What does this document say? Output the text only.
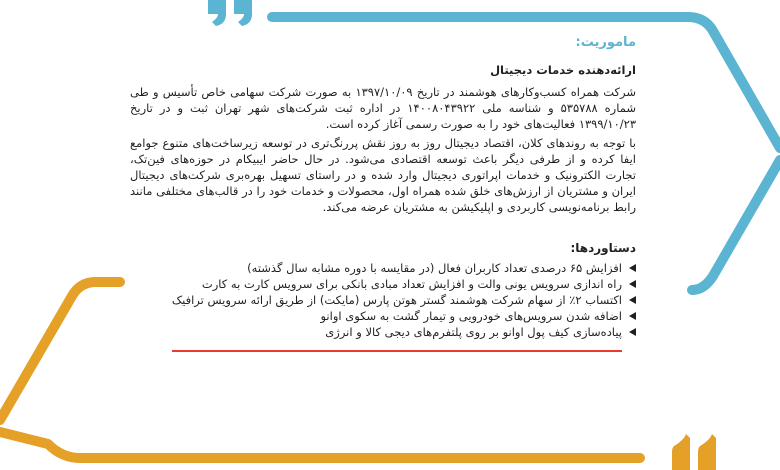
ماموریت:
ارائه‌دهنده خدمات دیجیتال

شرکت همراه کسب‌وکارهای هوشمند در تاریخ ۱۳۹۷/۱۰/۰۹ به صورت شرکت سهامی خاص تأسیس و طی شماره ۵۳۵۷۸۸ و شناسه ملی ۱۴۰۰۸۰۴۳۹۲۲ در اداره ثبت شرکت‌های شهر تهران ثبت و در تاریخ ۱۳۹۹/۱۰/۲۳ فعالیت‌های خود را به صورت رسمی آغاز کرده است.

با توجه به روندهای کلان، اقتصاد دیجیتال روز به روز نقش پررنگ‌تری در توسعه زیرساخت‌های متنوع جوامع ایفا کرده و از طرفی دیگر باعث توسعه اقتصادی می‌شود. در حال حاضر ایبیکام در حوزه‌های فین‌تک، تجارت الکترونیک و خدمات اپراتوری دیجیتال وارد شده و در راستای تسهیل بهره‌بری شرکت‌های دیجیتال ایران و مشتریان از ارزش‌های خلق شده همراه اول، محصولات و خدمات خود را در قالب‌های مختلفی مانند رابط برنامه‌نویسی کاربردی و اپلیکیشن به مشتریان عرضه می‌کند.

دستاوردها:
افزایش ۶۵ درصدی تعداد کاربران فعال (در مقایسه با دوره مشابه سال گذشته)
راه اندازی سرویس یونی والت و افزایش تعداد مبادی بانکی برای سرویس کارت به کارت
اکتساب ۲٪ از سهام شرکت هوشمند گستر هوتن پارس (مایکت) از طریق ارائه سرویس ترافیک
اضافه شدن سرویس‌های خودرویی و تیمار گشت به سکوی اوانو
پیاده‌سازی کیف پول اوانو بر روی پلتفرم‌های دیجی کالا و انرژی
